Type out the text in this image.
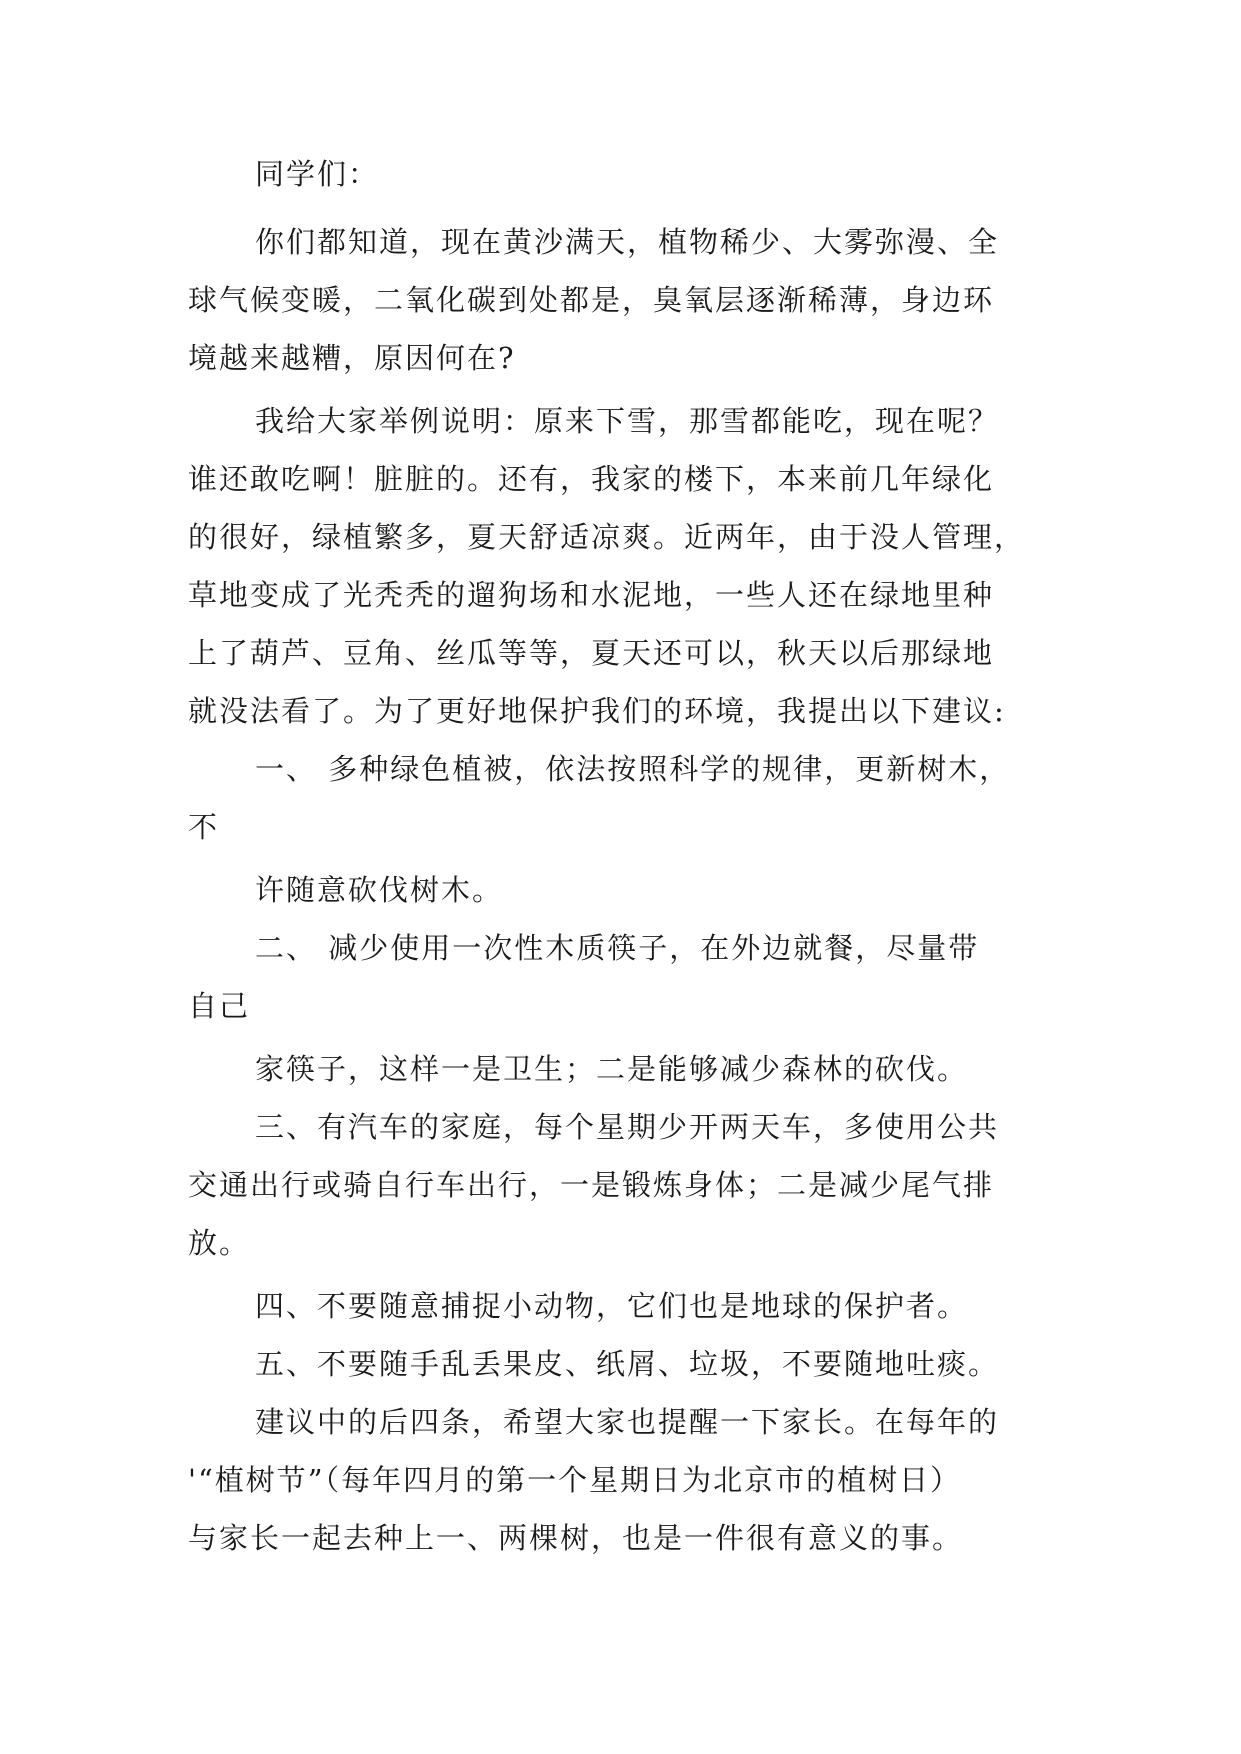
同学们：
你们都知道，现在黄沙满天，植物稀少、大雾弥漫、全
球气候变暖，二氧化碳到处都是，臭氧层逐渐稀薄，身边环
境越来越糟，原因何在?
我给大家举例说明：原来下雪，那雪都能吃，现在呢？
谁还敢吃啊！脏脏的。还有，我家的楼下，本来前几年绿化
的很好，绿植繁多，夏天舒适凉爽。近两年，由于没人管理，
草地变成了光秃秃的遛狗场和水泥地，一些人还在绿地里种
上了葫芦、豆角、丝瓜等等，夏天还可以，秋天以后那绿地
就没法看了。为了更好地保护我们的环境，我提出以下建议:
一、 多种绿色植被，依法按照科学的规律，更新树木，
不
许随意砍伐树木。
二、 减少使用一次性木质筷子，在外边就餐，尽量带
自己
家筷子，这样一是卫生；二是能够减少森林的砍伐。
三、有汽车的家庭，每个星期少开两天车，多使用公共
交通出行或骑自行车出行，一是锻炼身体；二是减少尾气排
放。
四、不要随意捕捉小动物，它们也是地球的保护者。
五、不要随手乱丢果皮、纸屑、垃圾，不要随地吐痰。
建议中的后四条，希望大家也提醒一下家长。在每年的
'“植树节”（每年四月的第一个星期日为北京市的植树日）
与家长一起去种上一、两棵树，也是一件很有意义的事。
